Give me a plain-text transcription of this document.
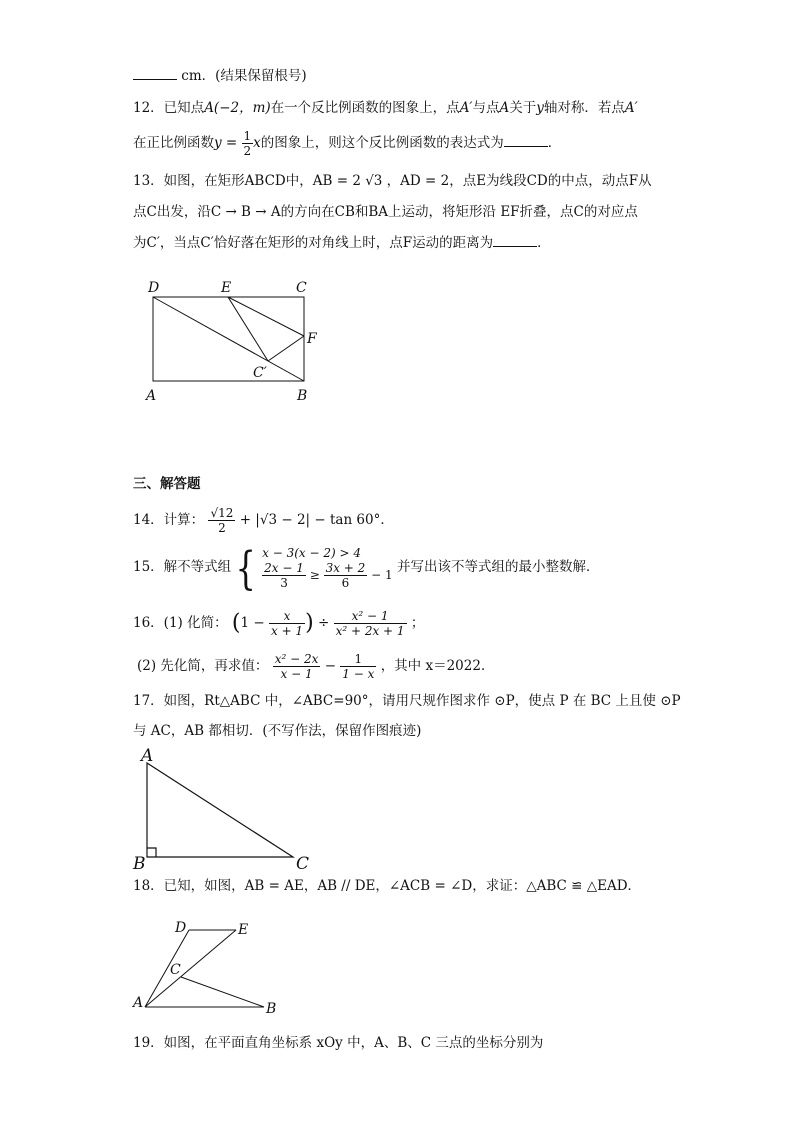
cm．(结果保留根号)
12．已知点A(−2，m)在一个反比例函数的图象上，点A′与点A关于y轴对称．若点A′
在正比例函数$y = \frac{1}{2}$ x的图象上，则这个反比例函数的表达式为	．
13．如图，在矩形ABCD中，AB = 2 √3 ，AD = 2，点E为线段CD的中点，动点F从
点C出发，沿C → B → A的方向在CB和BA上运动，将矩形沿 EF折叠，点C的对应点
为C′，当点C′恰好落在矩形的对角线上时，点F运动的距离为	．
D	E	C
F
C′
A	B
三、解答题
14．计算： $\frac{√12}{2} + |√3 - 2| - \tan 60^\circ$．
15．解不等式组 { x − 3(x − 2) > 4
$\frac{2x - 1}{3} \ge \frac{3x + 2}{6} - 1$ 并写出该不等式组的最小整数解．
16．(1) 化简： ($1 - \frac{x}{x + 1}$ ) ÷ $\frac{\text{x² − 1}}{\text{x² + 2x + 1}}$ ；
(2) 先化简，再求值： $\frac{\text{x² − 2x}}{x - 1} - \frac{1}{1 - x}$ ，其中 x＝2022．
17．如图，Rt△ABC 中，∠ABC=90°，请用尺规作图求作 ⊙P，使点 P 在 BC 上且使 ⊙P
与 AC，AB 都相切．(不写作法，保留作图痕迹)
A
B	C
18．已知，如图，AB = AE，AB // DE，∠ACB = ∠D，求证：△ABC ≌ △EAD．
D	E
C
A	B
19．如图，在平面直角坐标系 xOy 中，A、B、C 三点的坐标分别为
